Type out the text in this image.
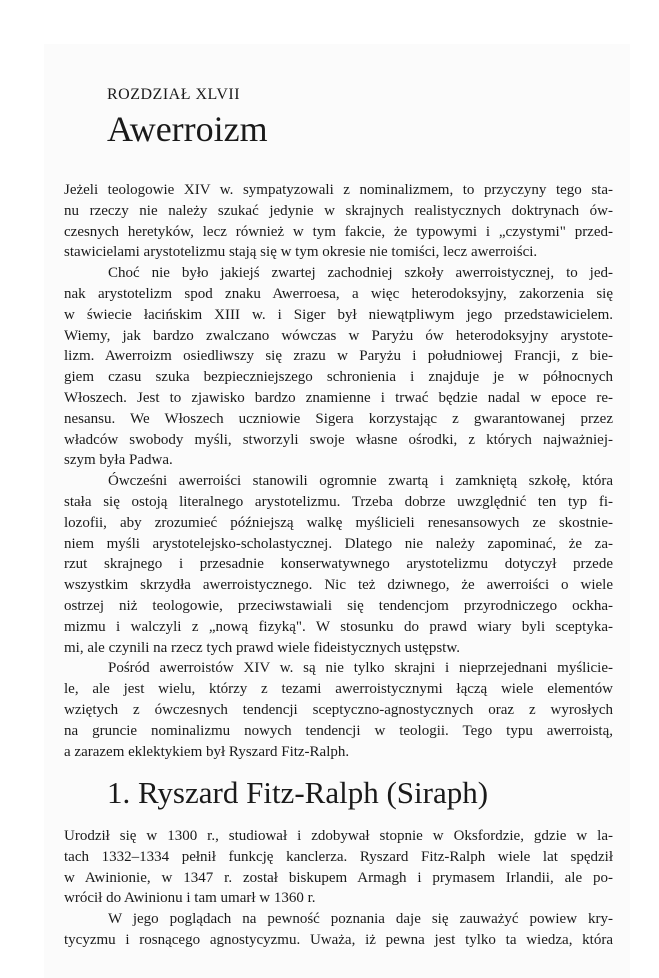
ROZDZIAŁ XLVII
Awerroizm
Jeżeli teologowie XIV w. sympatyzowali z nominalizmem, to przyczyny tego sta-
nu rzeczy nie należy szukać jedynie w skrajnych realistycznych doktrynach ów-
czesnych heretyków, lecz również w tym fakcie, że typowymi i „czystymi" przed-
stawicielami arystotelizmu stają się w tym okresie nie tomiści, lecz awerroiści.
Choć nie było jakiejś zwartej zachodniej szkoły awerroistycznej, to jed-
nak arystotelizm spod znaku Awerroesa, a więc heterodoksyjny, zakorzenia się
w świecie łacińskim XIII w. i Siger był niewątpliwym jego przedstawicielem.
Wiemy, jak bardzo zwalczano wówczas w Paryżu ów heterodoksyjny arystote-
lizm. Awerroizm osiedliwszy się zrazu w Paryżu i południowej Francji, z bie-
giem czasu szuka bezpieczniejszego schronienia i znajduje je w północnych
Włoszech. Jest to zjawisko bardzo znamienne i trwać będzie nadal w epoce re-
nesansu. We Włoszech uczniowie Sigera korzystając z gwarantowanej przez
władców swobody myśli, stworzyli swoje własne ośrodki, z których najważniej-
szym była Padwa.
Ówcześni awerroiści stanowili ogromnie zwartą i zamkniętą szkołę, która
stała się ostoją literalnego arystotelizmu. Trzeba dobrze uwzględnić ten typ fi-
lozofii, aby zrozumieć późniejszą walkę myślicieli renesansowych ze skostnie-
niem myśli arystotelejsko-scholastycznej. Dlatego nie należy zapominać, że za-
rzut skrajnego i przesadnie konserwatywnego arystotelizmu dotyczył przede
wszystkim skrzydła awerroistycznego. Nic też dziwnego, że awerroiści o wiele
ostrzej niż teologowie, przeciwstawiali się tendencjom przyrodniczego ockha-
mizmu i walczyli z „nową fizyką". W stosunku do prawd wiary byli sceptyka-
mi, ale czynili na rzecz tych prawd wiele fideistycznych ustępstw.
Pośród awerroistów XIV w. są nie tylko skrajni i nieprzejednani myślicie-
le, ale jest wielu, którzy z tezami awerroistycznymi łączą wiele elementów
wziętych z ówczesnych tendencji sceptyczno-agnostycznych oraz z wyrosłych
na gruncie nominalizmu nowych tendencji w teologii. Tego typu awerroistą,
a zarazem eklektykiem był Ryszard Fitz-Ralph.
1. Ryszard Fitz-Ralph (Siraph)
Urodził się w 1300 r., studiował i zdobywał stopnie w Oksfordzie, gdzie w la-
tach 1332–1334 pełnił funkcję kanclerza. Ryszard Fitz-Ralph wiele lat spędził
w Awinionie, w 1347 r. został biskupem Armagh i prymasem Irlandii, ale po-
wrócił do Awinionu i tam umarł w 1360 r.
W jego poglądach na pewność poznania daje się zauważyć powiew kry-
tycyzmu i rosnącego agnostycyzmu. Uważa, iż pewna jest tylko ta wiedza, która
